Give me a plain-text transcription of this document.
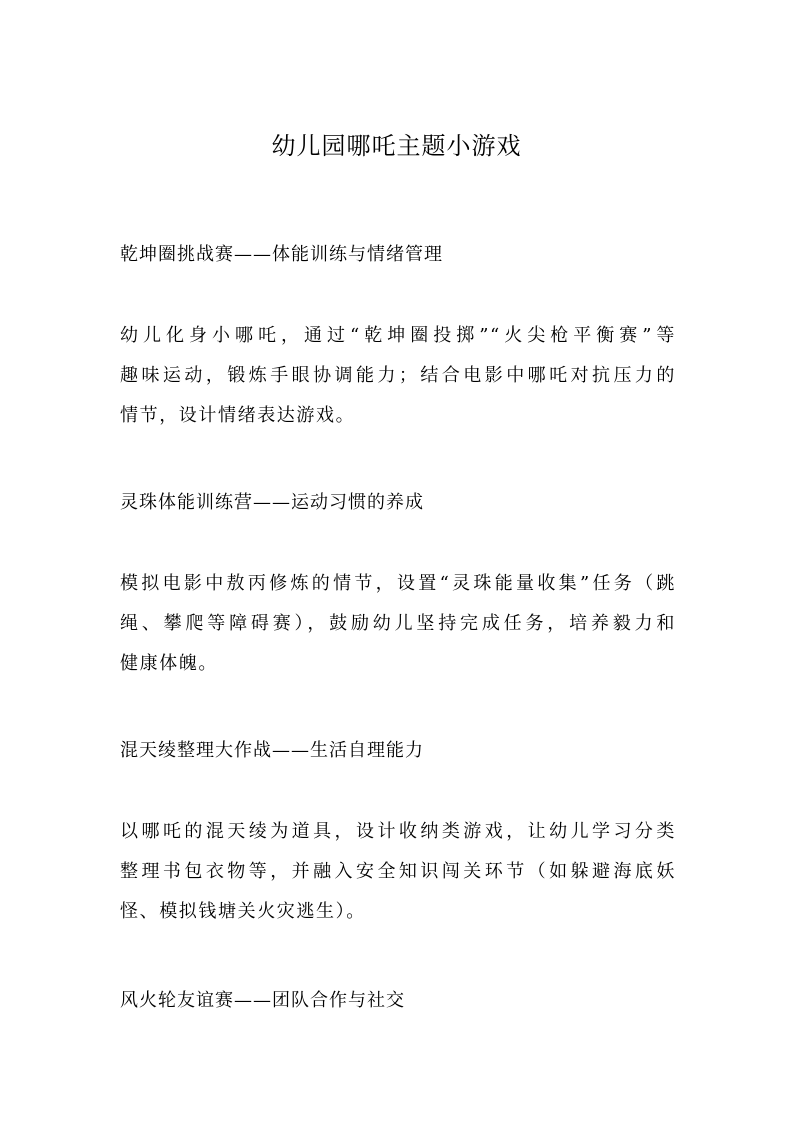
幼儿园哪吒主题小游戏
乾坤圈挑战赛——体能训练与情绪管理

幼儿化身小哪吒，通过“乾坤圈投掷”“火尖枪平衡赛”等
趣味运动，锻炼手眼协调能力；结合电影中哪吒对抗压力的
情节，设计情绪表达游戏。

灵珠体能训练营——运动习惯的养成

模拟电影中敖丙修炼的情节，设置“灵珠能量收集”任务（跳
绳、攀爬等障碍赛），鼓励幼儿坚持完成任务，培养毅力和
健康体魄。

混天绫整理大作战——生活自理能力

以哪吒的混天绫为道具，设计收纳类游戏，让幼儿学习分类
整理书包衣物等，并融入安全知识闯关环节（如躲避海底妖
怪、模拟钱塘关火灾逃生）。

风火轮友谊赛——团队合作与社交
